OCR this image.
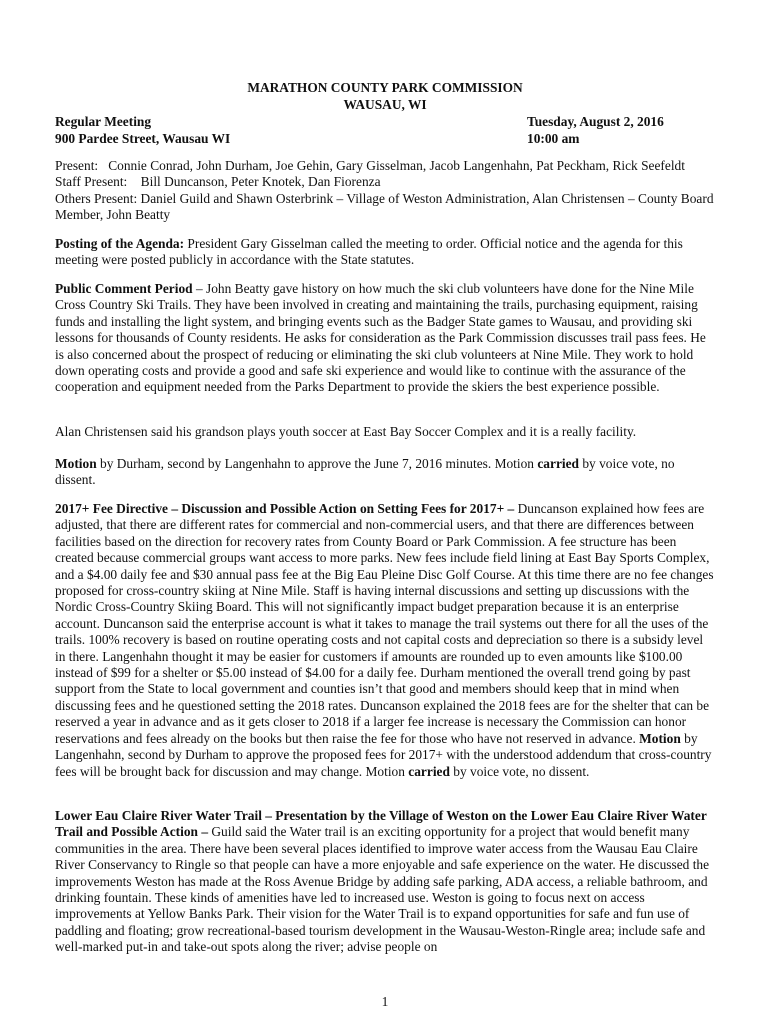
MARATHON COUNTY PARK COMMISSION
WAUSAU, WI
Regular Meeting
900 Pardee Street, Wausau WI
Tuesday, August 2, 2016
10:00 am

Present: Connie Conrad, John Durham, Joe Gehin, Gary Gisselman, Jacob Langenhahn, Pat Peckham, Rick Seefeldt

Staff Present: Bill Duncanson, Peter Knotek, Dan Fiorenza

Others Present: Daniel Guild and Shawn Osterbrink – Village of Weston Administration, Alan Christensen – County Board Member, John Beatty

Posting of the Agenda: President Gary Gisselman called the meeting to order. Official notice and the agenda for this meeting were posted publicly in accordance with the State statutes.

Public Comment Period – John Beatty gave history on how much the ski club volunteers have done for the Nine Mile Cross Country Ski Trails. They have been involved in creating and maintaining the trails, purchasing equipment, raising funds and installing the light system, and bringing events such as the Badger State games to Wausau, and providing ski lessons for thousands of County residents. He asks for consideration as the Park Commission discusses trail pass fees. He is also concerned about the prospect of reducing or eliminating the ski club volunteers at Nine Mile. They work to hold down operating costs and provide a good and safe ski experience and would like to continue with the assurance of the cooperation and equipment needed from the Parks Department to provide the skiers the best experience possible.

Alan Christensen said his grandson plays youth soccer at East Bay Soccer Complex and it is a really facility.

Motion by Durham, second by Langenhahn to approve the June 7, 2016 minutes. Motion carried by voice vote, no dissent.

2017+ Fee Directive – Discussion and Possible Action on Setting Fees for 2017+ – Duncanson explained how fees are adjusted, that there are different rates for commercial and non-commercial users, and that there are differences between facilities based on the direction for recovery rates from County Board or Park Commission. A fee structure has been created because commercial groups want access to more parks. New fees include field lining at East Bay Sports Complex, and a $4.00 daily fee and $30 annual pass fee at the Big Eau Pleine Disc Golf Course. At this time there are no fee changes proposed for cross-country skiing at Nine Mile. Staff is having internal discussions and setting up discussions with the Nordic Cross-Country Skiing Board. This will not significantly impact budget preparation because it is an enterprise account. Duncanson said the enterprise account is what it takes to manage the trail systems out there for all the uses of the trails. 100% recovery is based on routine operating costs and not capital costs and depreciation so there is a subsidy level in there. Langenhahn thought it may be easier for customers if amounts are rounded up to even amounts like $100.00 instead of $99 for a shelter or $5.00 instead of $4.00 for a daily fee. Durham mentioned the overall trend going by past support from the State to local government and counties isn’t that good and members should keep that in mind when discussing fees and he questioned setting the 2018 rates. Duncanson explained the 2018 fees are for the shelter that can be reserved a year in advance and as it gets closer to 2018 if a larger fee increase is necessary the Commission can honor reservations and fees already on the books but then raise the fee for those who have not reserved in advance. Motion by Langenhahn, second by Durham to approve the proposed fees for 2017+ with the understood addendum that cross-country fees will be brought back for discussion and may change. Motion carried by voice vote, no dissent.

Lower Eau Claire River Water Trail – Presentation by the Village of Weston on the Lower Eau Claire River Water Trail and Possible Action – Guild said the Water trail is an exciting opportunity for a project that would benefit many communities in the area. There have been several places identified to improve water access from the Wausau Eau Claire River Conservancy to Ringle so that people can have a more enjoyable and safe experience on the water. He discussed the improvements Weston has made at the Ross Avenue Bridge by adding safe parking, ADA access, a reliable bathroom, and drinking fountain. These kinds of amenities have led to increased use. Weston is going to focus next on access improvements at Yellow Banks Park. Their vision for the Water Trail is to expand opportunities for safe and fun use of paddling and floating; grow recreational-based tourism development in the Wausau-Weston-Ringle area; include safe and well-marked put-in and take-out spots along the river; advise people on

1
